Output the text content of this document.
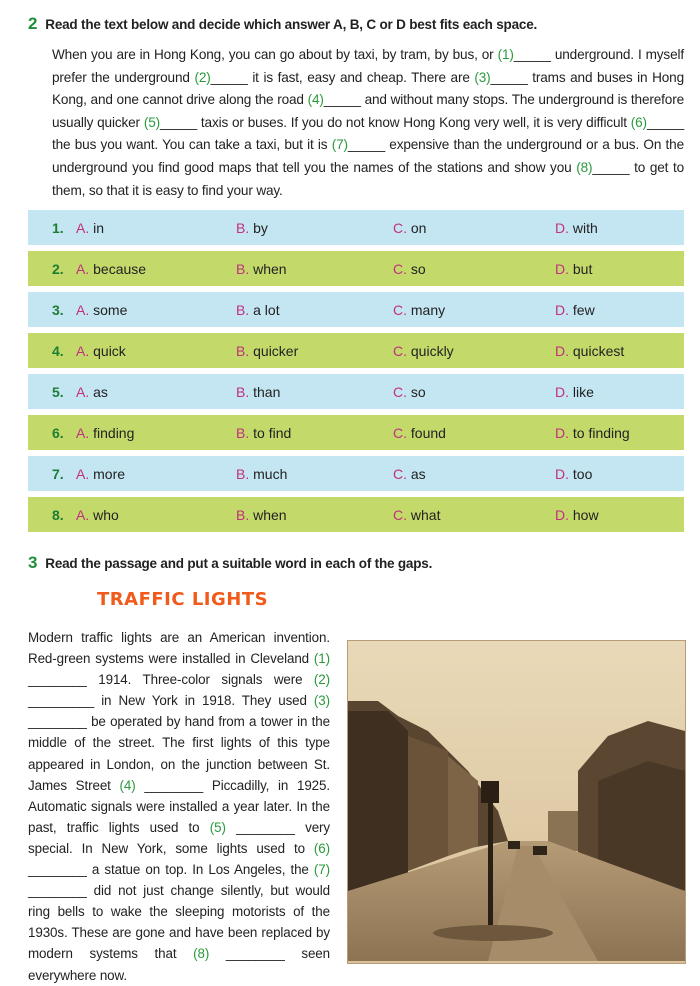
2 Read the text below and decide which answer A, B, C or D best fits each space.
When you are in Hong Kong, you can go about by taxi, by tram, by bus, or (1)_____ underground. I myself prefer the underground (2)_____ it is fast, easy and cheap. There are (3)_____ trams and buses in Hong Kong, and one cannot drive along the road (4)_____ and without many stops. The underground is therefore usually quicker (5)_____ taxis or buses. If you do not know Hong Kong very well, it is very difficult (6)_____ the bus you want. You can take a taxi, but it is (7)_____ expensive than the underground or a bus. On the underground you find good maps that tell you the names of the stations and show you (8)_____ to get to them, so that it is easy to find your way.
1. A. in	B. by	C. on	D. with
2. A. because	B. when	C. so	D. but
3. A. some	B. a lot	C. many	D. few
4. A. quick	B. quicker	C. quickly	D. quickest
5. A. as	B. than	C. so	D. like
6. A. finding	B. to find	C. found	D. to finding
7. A. more	B. much	C. as	D. too
8. A. who	B. when	C. what	D. how
3 Read the passage and put a suitable word in each of the gaps.
TRAFFIC LIGHTS
Modern traffic lights are an American invention. Red-green systems were installed in Cleveland (1) ________ 1914. Three-color signals were (2) _________ in New York in 1918. They used (3) ________ be operated by hand from a tower in the middle of the street. The first lights of this type appeared in London, on the junction between St. James Street (4) ________ Piccadilly, in 1925. Automatic signals were installed a year later. In the past, traffic lights used to (5) ________ very special. In New York, some lights used to (6) ________ a statue on top. In Los Angeles, the (7) ________ did not just change silently, but would ring bells to wake the sleeping motorists of the 1930s. These are gone and have been replaced by modern systems that (8) ________ seen everywhere now.
